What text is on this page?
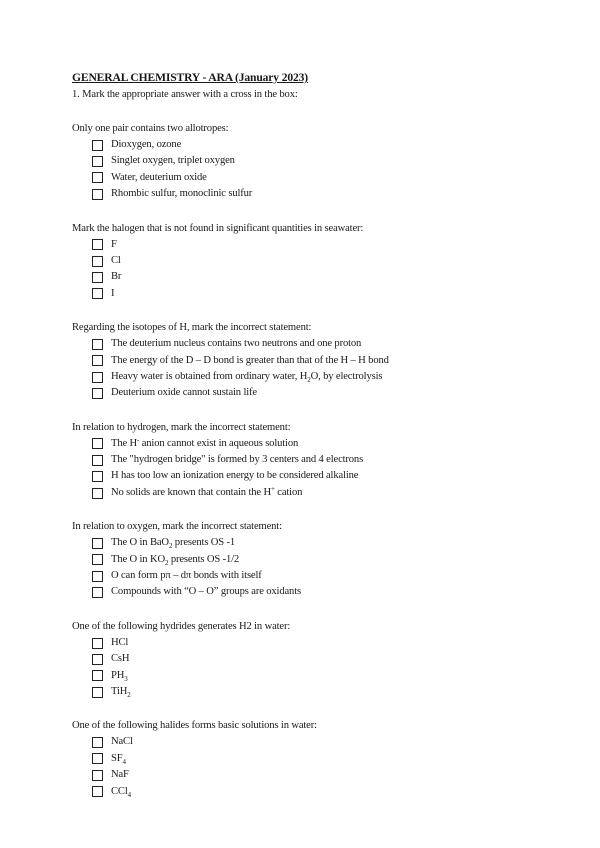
GENERAL CHEMISTRY - ARA (January 2023)
1. Mark the appropriate answer with a cross in the box:
Only one pair contains two allotropes:
Dioxygen, ozone
Singlet oxygen, triplet oxygen
Water, deuterium oxide
Rhombic sulfur, monoclinic sulfur
Mark the halogen that is not found in significant quantities in seawater:
F
Cl
Br
I
Regarding the isotopes of H, mark the incorrect statement:
The deuterium nucleus contains two neutrons and one proton
The energy of the D – D bond is greater than that of the H – H bond
Heavy water is obtained from ordinary water, $H_2O$, by electrolysis
Deuterium oxide cannot sustain life
In relation to hydrogen, mark the incorrect statement:
The H- anion cannot exist in aqueous solution
The "hydrogen bridge" is formed by 3 centers and 4 electrons
H has too low an ionization energy to be considered alkaline
No solids are known that contain the H+ cation
In relation to oxygen, mark the incorrect statement:
The O in BaO$_2$ presents OS -1
The O in $KO_2$ presents OS -1/2
O can form pπ – dπ bonds with itself
Compounds with “O – O” groups are oxidants
One of the following hydrides generates H2 in water:
HCl
CsH
$PH_3$
TiH$_2$
One of the following halides forms basic solutions in water:
NaCl
$SF_4$
NaF
CCl$_4$
